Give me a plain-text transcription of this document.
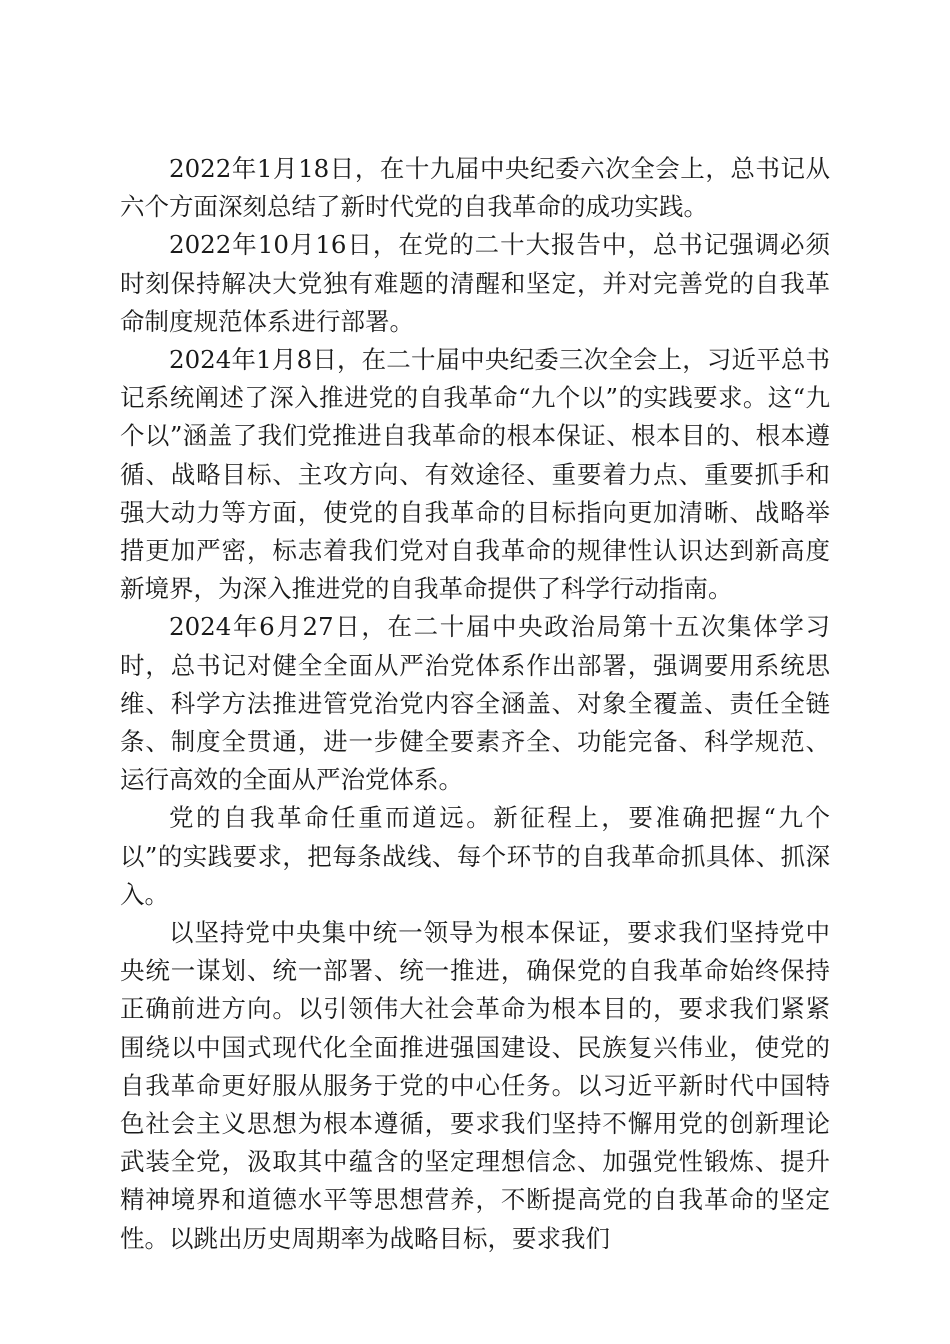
2022年1月18日，在十九届中央纪委六次全会上，总书记从六个方面深刻总结了新时代党的自我革命的成功实践。

2022年10月16日，在党的二十大报告中，总书记强调必须时刻保持解决大党独有难题的清醒和坚定，并对完善党的自我革命制度规范体系进行部署。

2024年1月8日，在二十届中央纪委三次全会上，习近平总书记系统阐述了深入推进党的自我革命“九个以”的实践要求。这“九个以”涵盖了我们党推进自我革命的根本保证、根本目的、根本遵循、战略目标、主攻方向、有效途径、重要着力点、重要抓手和强大动力等方面，使党的自我革命的目标指向更加清晰、战略举措更加严密，标志着我们党对自我革命的规律性认识达到新高度新境界，为深入推进党的自我革命提供了科学行动指南。

2024年6月27日，在二十届中央政治局第十五次集体学习时，总书记对健全全面从严治党体系作出部署，强调要用系统思维、科学方法推进管党治党内容全涵盖、对象全覆盖、责任全链条、制度全贯通，进一步健全要素齐全、功能完备、科学规范、运行高效的全面从严治党体系。

党的自我革命任重而道远。新征程上，要准确把握“九个以”的实践要求，把每条战线、每个环节的自我革命抓具体、抓深入。

以坚持党中央集中统一领导为根本保证，要求我们坚持党中央统一谋划、统一部署、统一推进，确保党的自我革命始终保持正确前进方向。以引领伟大社会革命为根本目的，要求我们紧紧围绕以中国式现代化全面推进强国建设、民族复兴伟业，使党的自我革命更好服从服务于党的中心任务。以习近平新时代中国特色社会主义思想为根本遵循，要求我们坚持不懈用党的创新理论武装全党，汲取其中蕴含的坚定理想信念、加强党性锻炼、提升精神境界和道德水平等思想营养，不断提高党的自我革命的坚定性。以跳出历史周期率为战略目标，要求我们
